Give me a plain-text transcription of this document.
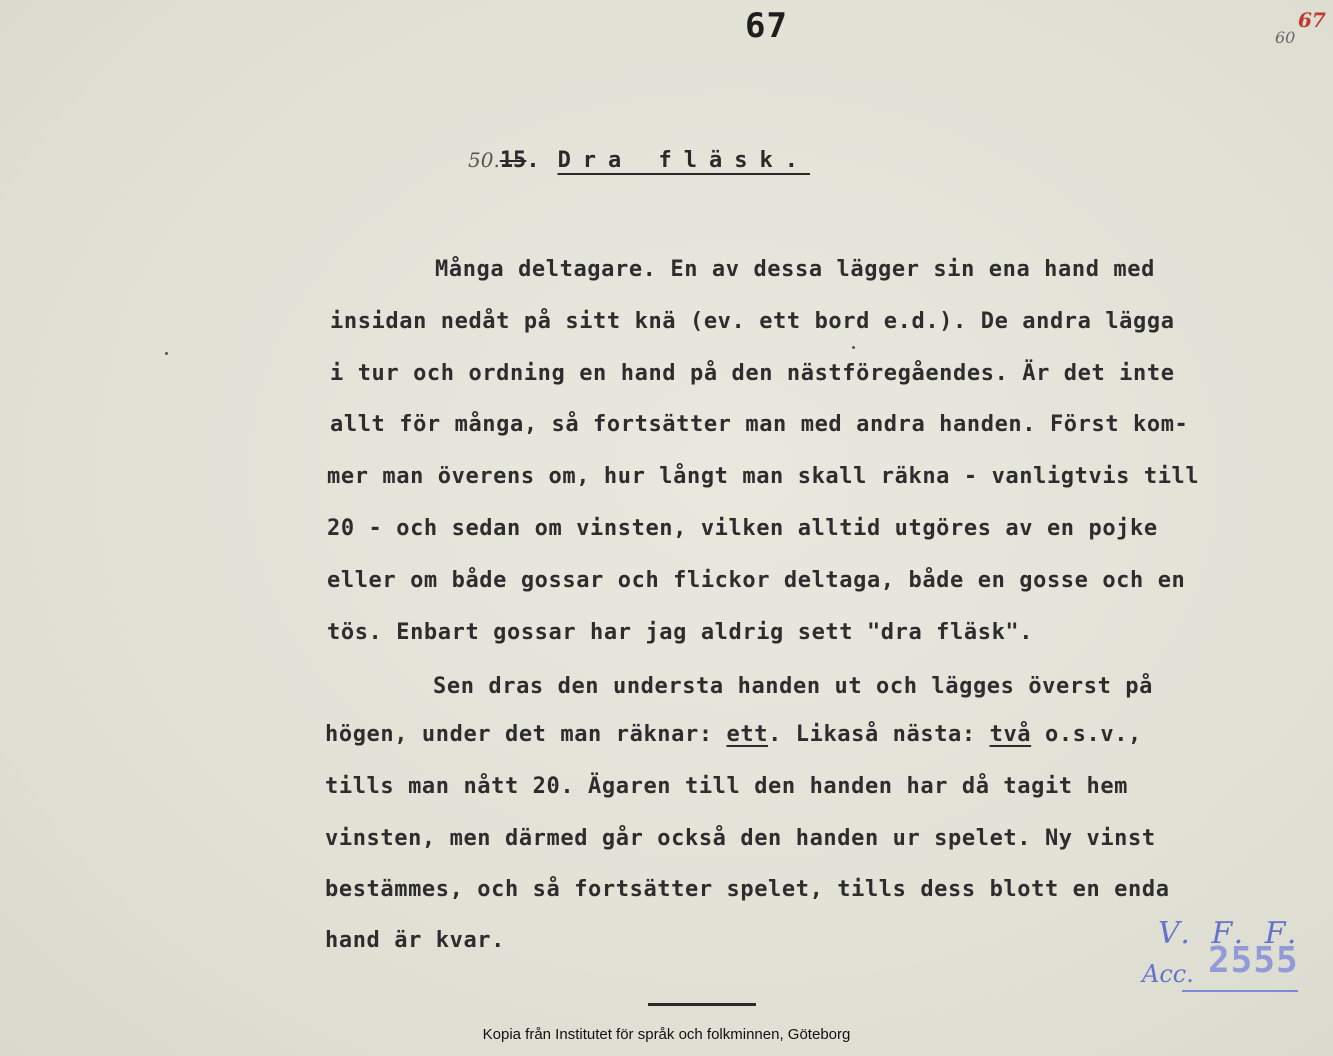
67	60
67
50.15. Dra fläsk.
Många deltagare. En av dessa lägger sin ena hand med
insidan nedåt på sitt knä (ev. ett bord e.d.). De andra lägga
i tur och ordning en hand på den nästföregåendes. Är det inte
allt för många, så fortsätter man med andra handen. Först kom-
mer man överens om, hur långt man skall räkna - vanligtvis till
20 - och sedan om vinsten, vilken alltid utgöres av en pojke
eller om både gossar och flickor deltaga, både en gosse och en
tös. Enbart gossar har jag aldrig sett "dra fläsk".
Sen dras den understa handen ut och lägges överst på
högen, under det man räknar: ett. Likaså nästa: två o.s.v.,
tills man nått 20. Ägaren till den handen har då tagit hem
vinsten, men därmed går också den handen ur spelet. Ny vinst
bestämmes, och så fortsätter spelet, tills dess blott en enda
hand är kvar.	V. F. F.
2555
Acc.
Kopia från Institutet för språk och folkminnen, Göteborg
